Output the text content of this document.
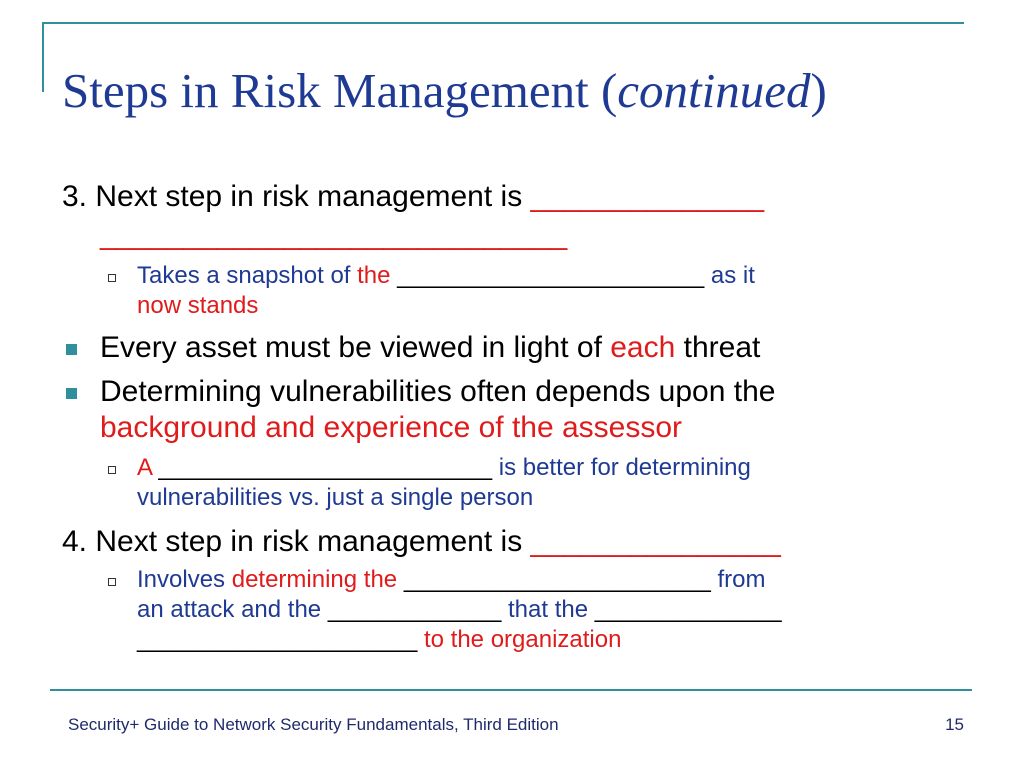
Steps in Risk Management (continued)
3. Next step in risk management is ______________
____________________________
Takes a snapshot of the _______________________ as it
now stands
Every asset must be viewed in light of each threat
Determining vulnerabilities often depends upon the
background and experience of the assessor
A _________________________ is better for determining
vulnerabilities vs. just a single person
4. Next step in risk management is _______________
Involves determining the _______________________ from
an attack and the _____________ that the ______________
_____________________ to the organization
Security+ Guide to Network Security Fundamentals, Third Edition	15
